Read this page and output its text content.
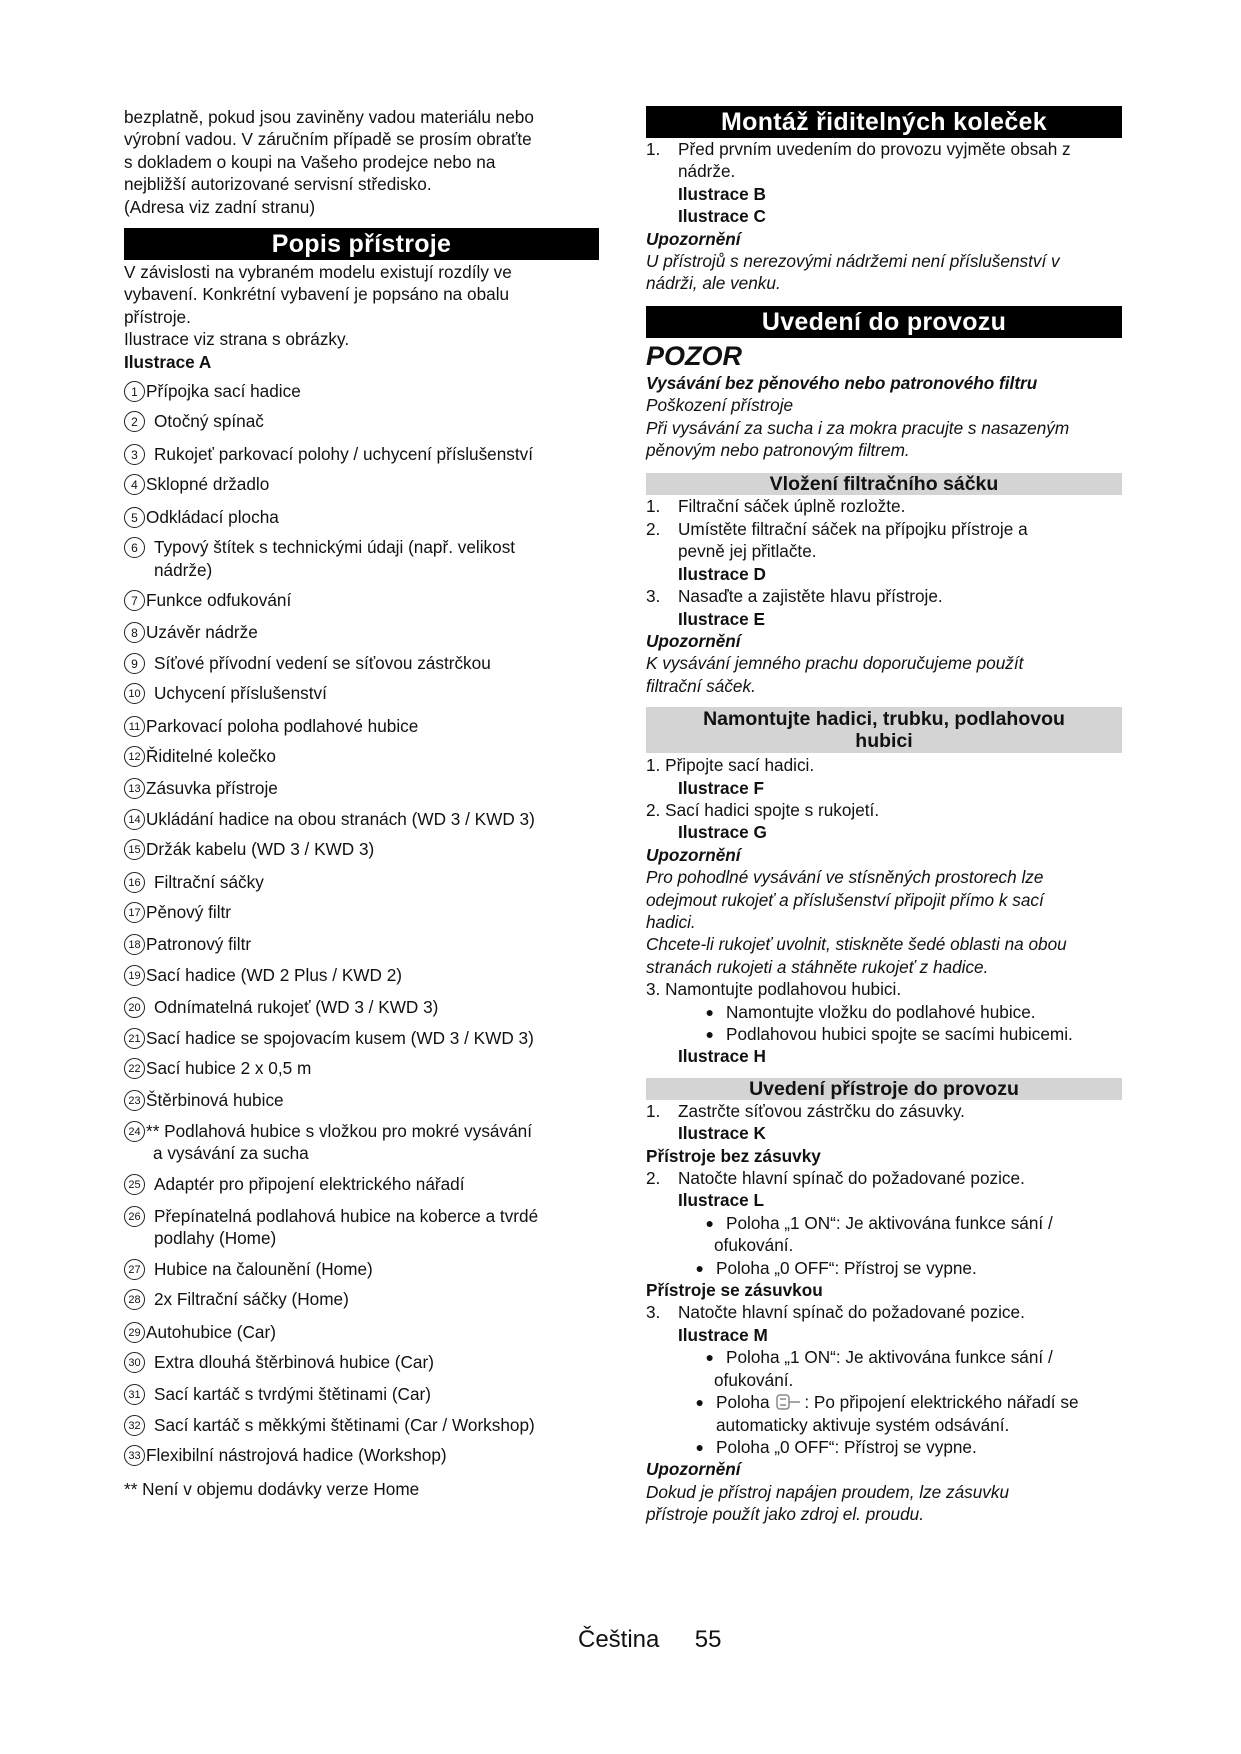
bezplatně, pokud jsou zaviněny vadou materiálu nebo

výrobní vadou. V záručním případě se prosím obraťte

s dokladem o koupi na Vašeho prodejce nebo na

nejbližší autorizované servisní středisko.

(Adresa viz zadní stranu)

Popis přístroje

V závislosti na vybraném modelu existují rozdíly ve

vybavení. Konkrétní vybavení je popsáno na obalu

přístroje.

Ilustrace viz strana s obrázky.

Ilustrace A

1 Přípojka sací hadice
2 Otočný spínač
3 Rukojeť parkovací polohy / uchycení příslušenství
4 Sklopné držadlo
5 Odkládací plocha
6 Typový štítek s technickými údaji (např. velikost
nádrže)
7 Funkce odfukování
8 Uzávěr nádrže
9 Síťové přívodní vedení se síťovou zástrčkou
10 Uchycení příslušenství
11 Parkovací poloha podlahové hubice
12 Řiditelné kolečko
13 Zásuvka přístroje
14 Ukládání hadice na obou stranách (WD 3 / KWD 3)
15 Držák kabelu (WD 3 / KWD 3)
16 Filtrační sáčky
17 Pěnový filtr
18 Patronový filtr
19 Sací hadice (WD 2 Plus / KWD 2)
20 Odnímatelná rukojeť (WD 3 / KWD 3)
21 Sací hadice se spojovacím kusem (WD 3 / KWD 3)
22 Sací hubice 2 x 0,5 m
23 Štěrbinová hubice
24 ** Podlahová hubice s vložkou pro mokré vysávání
a vysávání za sucha
25 Adaptér pro připojení elektrického nářadí
26 Přepínatelná podlahová hubice na koberce a tvrdé
podlahy (Home)
27 Hubice na čalounění (Home)
28 2x Filtrační sáčky (Home)
29 Autohubice (Car)
30 Extra dlouhá štěrbinová hubice (Car)
31 Sací kartáč s tvrdými štětinami (Car)
32 Sací kartáč s měkkými štětinami (Car / Workshop)
33 Flexibilní nástrojová hadice (Workshop)

** Není v objemu dodávky verze Home

Montáž řiditelných koleček
1.	Před prvním uvedením do provozu vyjměte obsah z
nádrže.

Ilustrace B

Ilustrace C

Upozornění

U přístrojů s nerezovými nádržemi není příslušenství v

nádrži, ale venku.

Uvedení do provozu

POZOR

Vysávání bez pěnového nebo patronového filtru

Poškození přístroje

Při vysávání za sucha i za mokra pracujte s nasazeným

pěnovým nebo patronovým filtrem.

Vložení filtračního sáčku
1.	Filtrační sáček úplně rozložte.
2.	Umístěte filtrační sáček na přípojku přístroje a
pevně jej přitlačte.

Ilustrace D

3.	Nasaďte a zajistěte hlavu přístroje.

Ilustrace E

Upozornění

K vysávání jemného prachu doporučujeme použít

filtrační sáček.

Namontujte hadici, trubku, podlahovou
hubici

1. Připojte sací hadici.

Ilustrace F

2. Sací hadici spojte s rukojetí.

Ilustrace G

Upozornění

Pro pohodlné vysávání ve stísněných prostorech lze

odejmout rukojeť a příslušenství připojit přímo k sací

hadici.

Chcete-li rukojeť uvolnit, stiskněte šedé oblasti na obou

stranách rukojeti a stáhněte rukojeť z hadice.

3. Namontujte podlahovou hubici.

● Namontujte vložku do podlahové hubice.
● Podlahovou hubici spojte se sacími hubicemi.

Ilustrace H

Uvedení přístroje do provozu
1.	Zastrčte síťovou zástrčku do zásuvky.

Ilustrace K

Přístroje bez zásuvky

2.	Natočte hlavní spínač do požadované pozice.

Ilustrace L

● Poloha „1 ON“: Je aktivována funkce sání /
ofukování.
● Poloha „0 OFF“: Přístroj se vypne.

Přístroje se zásuvkou

3.	Natočte hlavní spínač do požadované pozice.

Ilustrace M

● Poloha „1 ON“: Je aktivována funkce sání /
ofukování.
● Poloha : Po připojení elektrického nářadí se
automaticky aktivuje systém odsávání.
● Poloha „0 OFF“: Přístroj se vypne.

Upozornění

Dokud je přístroj napájen proudem, lze zásuvku

přístroje použít jako zdroj el. proudu.

Čeština 55
